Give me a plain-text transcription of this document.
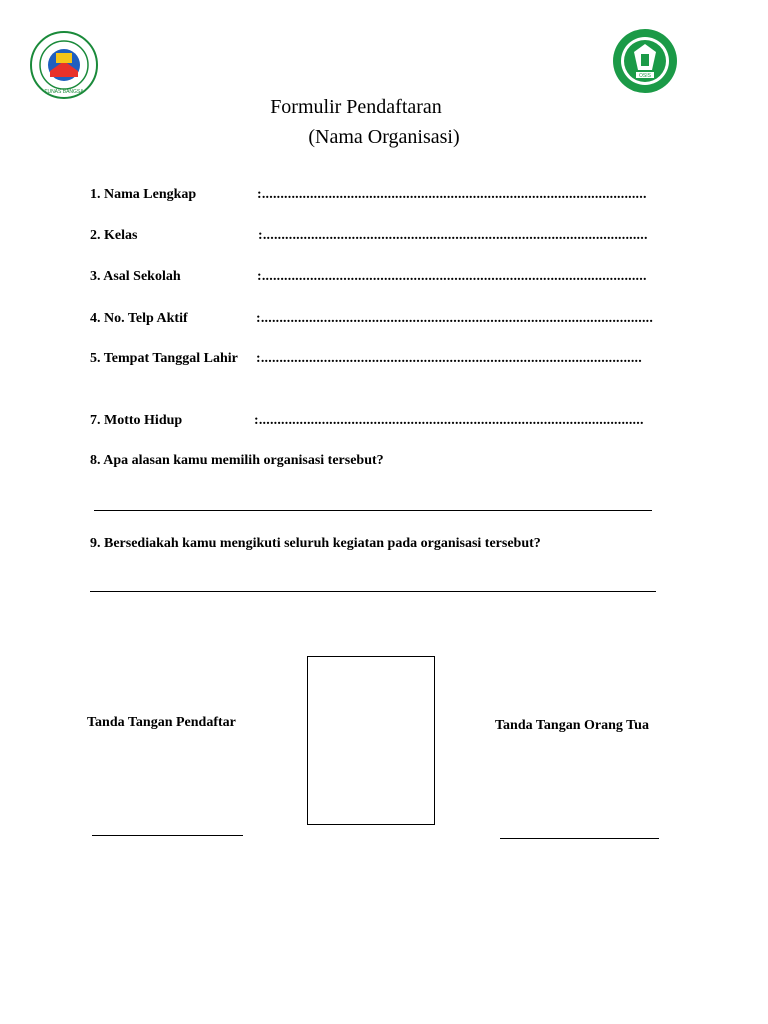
TUNAS BANGSA
OSIS
Formulir Pendaftaran
(Nama Organisasi)
1. Nama Lengkap	:........................................................................................................
2. Kelas	:........................................................................................................
3. Asal Sekolah	:........................................................................................................
4. No. Telp Aktif	:..........................................................................................................
5. Tempat Tanggal Lahir :.......................................................................................................
7. Motto Hidup	:........................................................................................................
8. Apa alasan kamu memilih organisasi tersebut?
9. Bersediakah kamu mengikuti seluruh kegiatan pada organisasi tersebut?
Tanda Tangan Pendaftar	Tanda Tangan Orang Tua
